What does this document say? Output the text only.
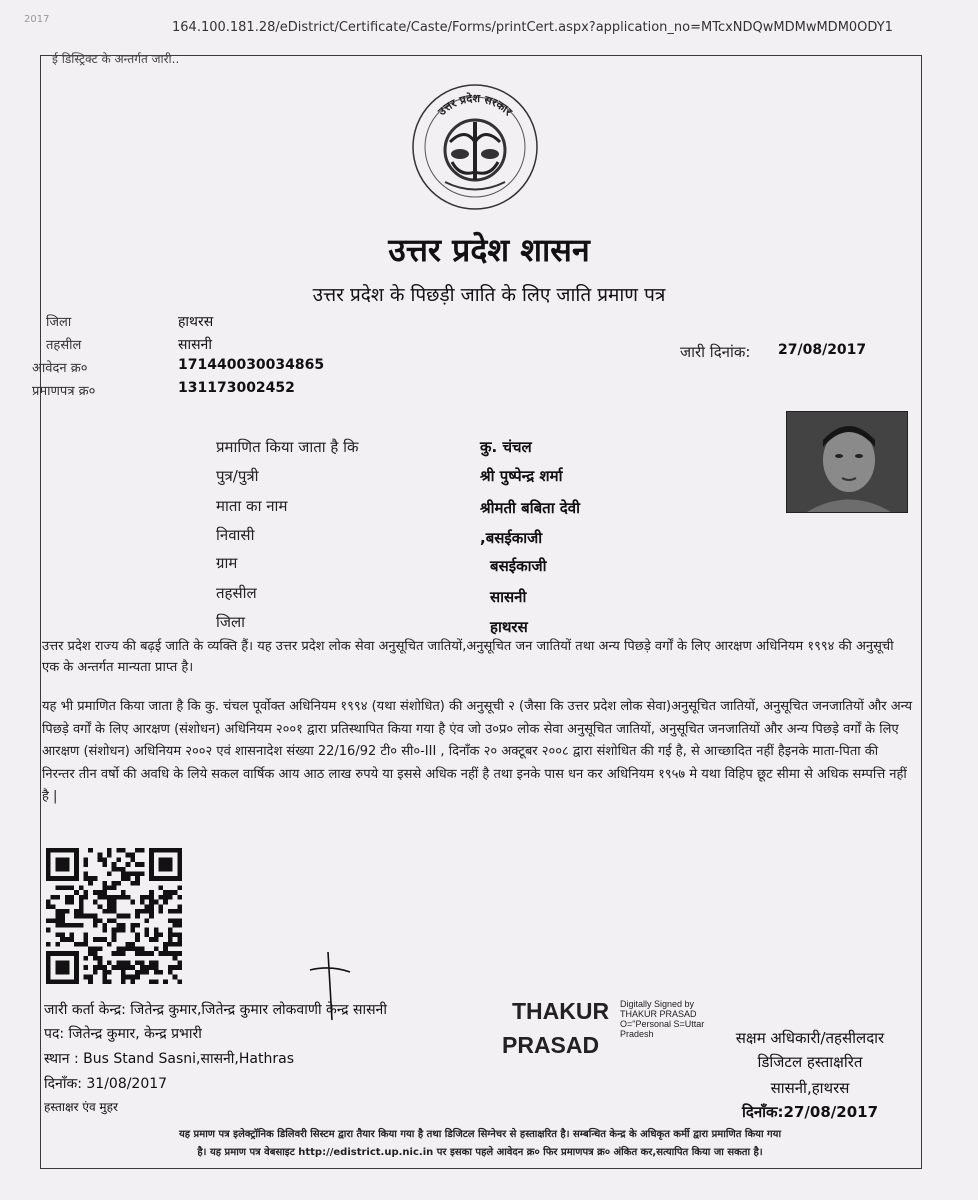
2017
164.100.181.28/eDistrict/Certificate/Caste/Forms/printCert.aspx?application_no=MTcxNDQwMDMwMDM0ODY1
ई डिस्ट्रिक्ट के अन्तर्गत जारी..
उत्तर प्रदेश सरकार
उत्तर प्रदेश शासन
उत्तर प्रदेश के पिछड़ी जाति के लिए जाति प्रमाण पत्र
जिला	हाथरस
तहसील	सासनी
आवेदन क्र०	171440030034865
प्रमाणपत्र क्र०	131173002452
जारी दिनांक: 27/08/2017
प्रमाणित किया जाता है कि	कु. चंचल
पुत्र/पुत्री	श्री पुष्पेन्द्र शर्मा
माता का नाम	श्रीमती बबिता देवी
निवासी	,बसईकाजी
ग्राम	बसईकाजी
तहसील	सासनी
जिला	हाथरस
उत्तर प्रदेश राज्य की बढ़ई जाति के व्यक्ति हैं। यह उत्तर प्रदेश लोक सेवा अनुसूचित जातियों,अनुसूचित जन जातियों तथा अन्य पिछड़े वर्गों के लिए आरक्षण अधिनियम १९९४ की अनुसूची एक के अन्तर्गत मान्यता प्राप्त है।
यह भी प्रमाणित किया जाता है कि कु. चंचल पूर्वोक्त अधिनियम १९९४ (यथा संशोधित) की अनुसूची २ (जैसा कि उत्तर प्रदेश लोक सेवा)अनुसूचित जातियों, अनुसूचित जनजातियों और अन्य पिछड़े वर्गों के लिए आरक्षण (संशोधन) अधिनियम २००१ द्वारा प्रतिस्थापित किया गया है एंव जो उ०प्र० लोक सेवा अनुसूचित जातियों, अनुसूचित जनजातियों और अन्य पिछड़े वर्गों के लिए आरक्षण (संशोधन) अधिनियम २००२ एवं शासनादेश संख्या 22/16/92 टी० सी०-III , दिनाँक २० अक्टूबर २००८ द्वारा संशोधित की गई है, से आच्छादित नहीं हैइनके माता-पिता की निरन्तर तीन वर्षो की अवधि के लिये सकल वार्षिक आय आठ लाख रुपये या इससे अधिक नहीं है तथा इनके पास धन कर अधिनियम १९५७ मे यथा विहिप छूट सीमा से अधिक सम्पत्ति नहीं है |
जारी कर्ता केन्द्र: जितेन्द्र कुमार,जितेन्द्र कुमार लोकवाणी केन्द्र सासनी
पद: जितेन्द्र कुमार, केन्द्र प्रभारी
स्थान : Bus Stand Sasni,सासनी,Hathras
दिनाँक: 31/08/2017
हस्ताक्षर एंव मुहर
THAKUR
PRASAD
Digitally Signed by THAKUR PRASAD O="Personal S=Uttar Pradesh	सक्षम अधिकारी/तहसीलदार
डिजिटल हस्ताक्षरित
सासनी,हाथरस
दिनाँक:27/08/2017
यह प्रमाण पत्र इलेक्ट्रॉनिक डिलिवरी सिस्टम द्वारा तैयार किया गया है तथा डिजिटल सिग्नेचर से हस्ताक्षरित है। सम्बन्धित केन्द्र के अधिकृत कर्मी द्वारा प्रमाणित किया गया
है। यह प्रमाण पत्र वेबसाइट http://edistrict.up.nic.in पर इसका पहले आवेदन क्र० फिर प्रमाणपत्र क्र० अंकित कर,सत्यापित किया जा सकता है।
